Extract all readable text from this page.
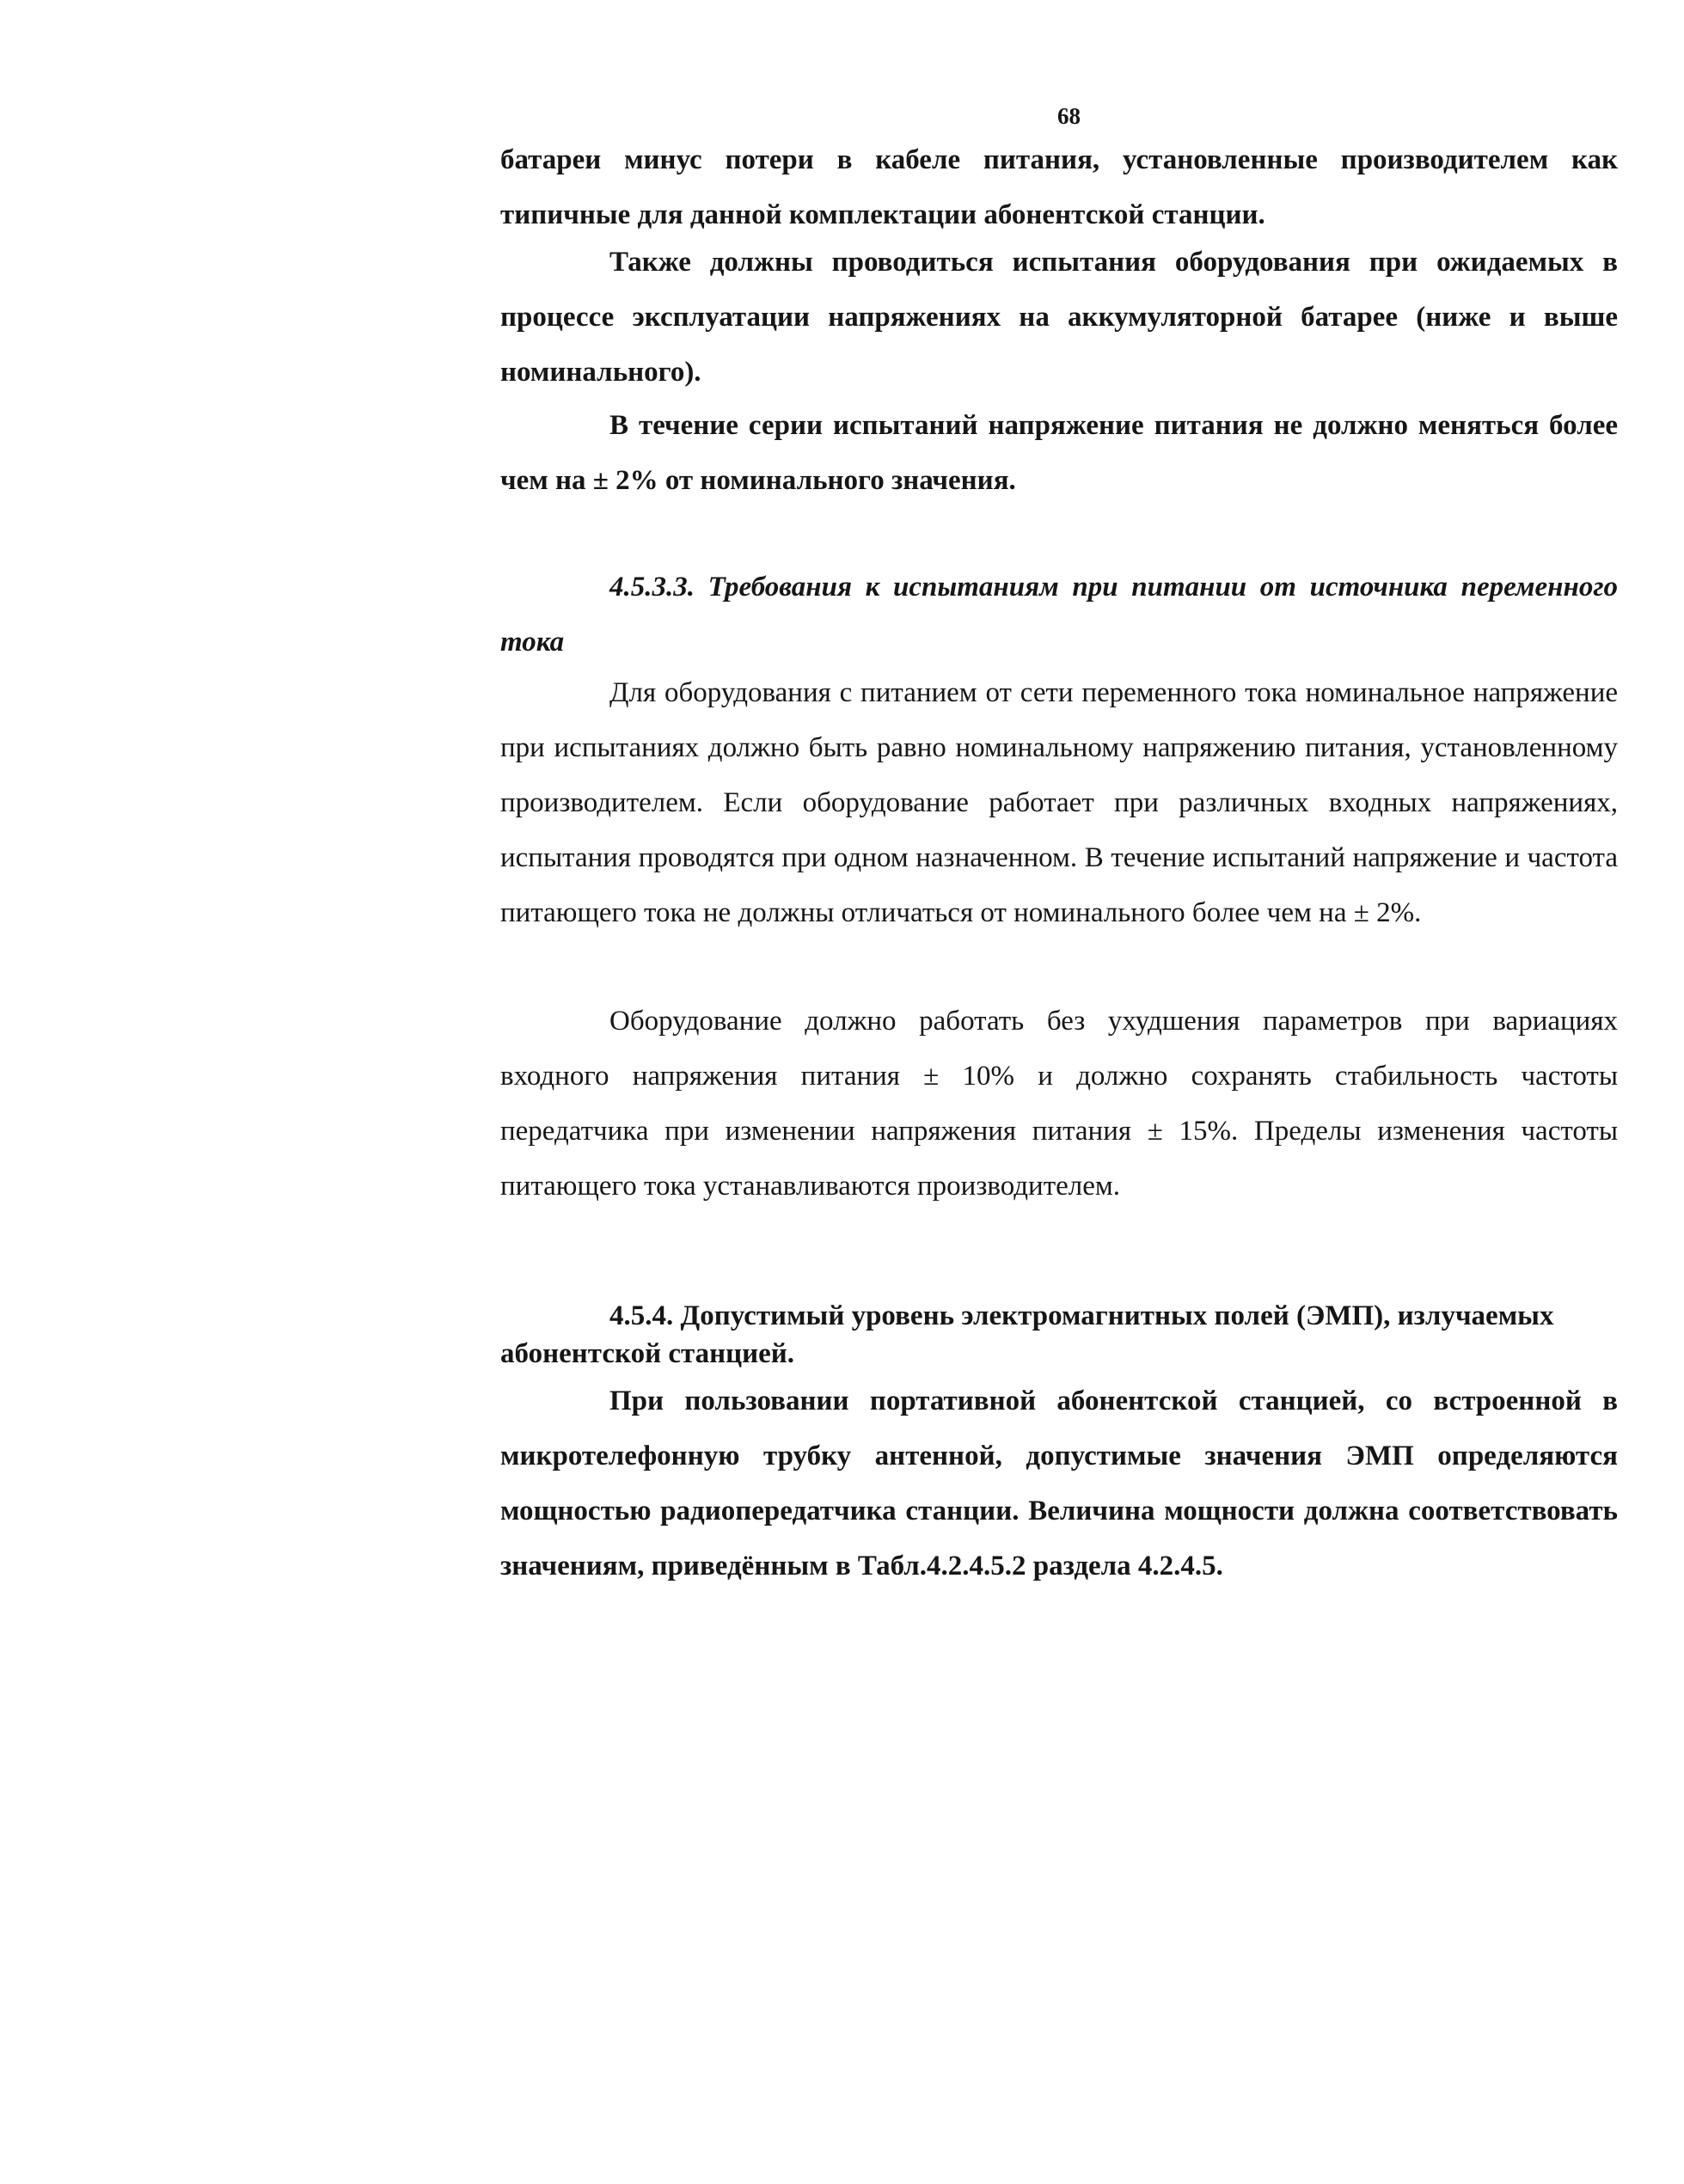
68

батареи минус потери в кабеле питания, установленные производителем как типичные для данной комплектации абонентской станции.

Также должны проводиться испытания оборудования при ожидаемых в процессе эксплуатации напряжениях на аккумуляторной батарее (ниже и выше номинального).

В течение серии испытаний напряжение питания не должно меняться более чем на ± 2% от номинального значения.

4.5.3.3. Требования к испытаниям при питании от источника переменного тока

Для оборудования с питанием от сети переменного тока номинальное напряжение при испытаниях должно быть равно номинальному напряжению питания, установленному производителем. Если оборудование работает при различных входных напряжениях, испытания проводятся при одном назначенном. В течение испытаний напряжение и частота питающего тока не должны отличаться от номинального более чем на ± 2%.

Оборудование должно работать без ухудшения параметров при вариациях входного напряжения питания ± 10% и должно сохранять стабильность частоты передатчика при изменении напряжения питания ± 15%. Пределы изменения частоты питающего тока устанавливаются производителем.

4.5.4. Допустимый уровень электромагнитных полей (ЭМП), излучаемых абонентской станцией.

При пользовании портативной абонентской станцией, со встроенной в микротелефонную трубку антенной, допустимые значения ЭМП определяются мощностью радиопередатчика станции. Величина мощности должна соответствовать значениям, приведённым в Табл.4.2.4.5.2 раздела 4.2.4.5.
